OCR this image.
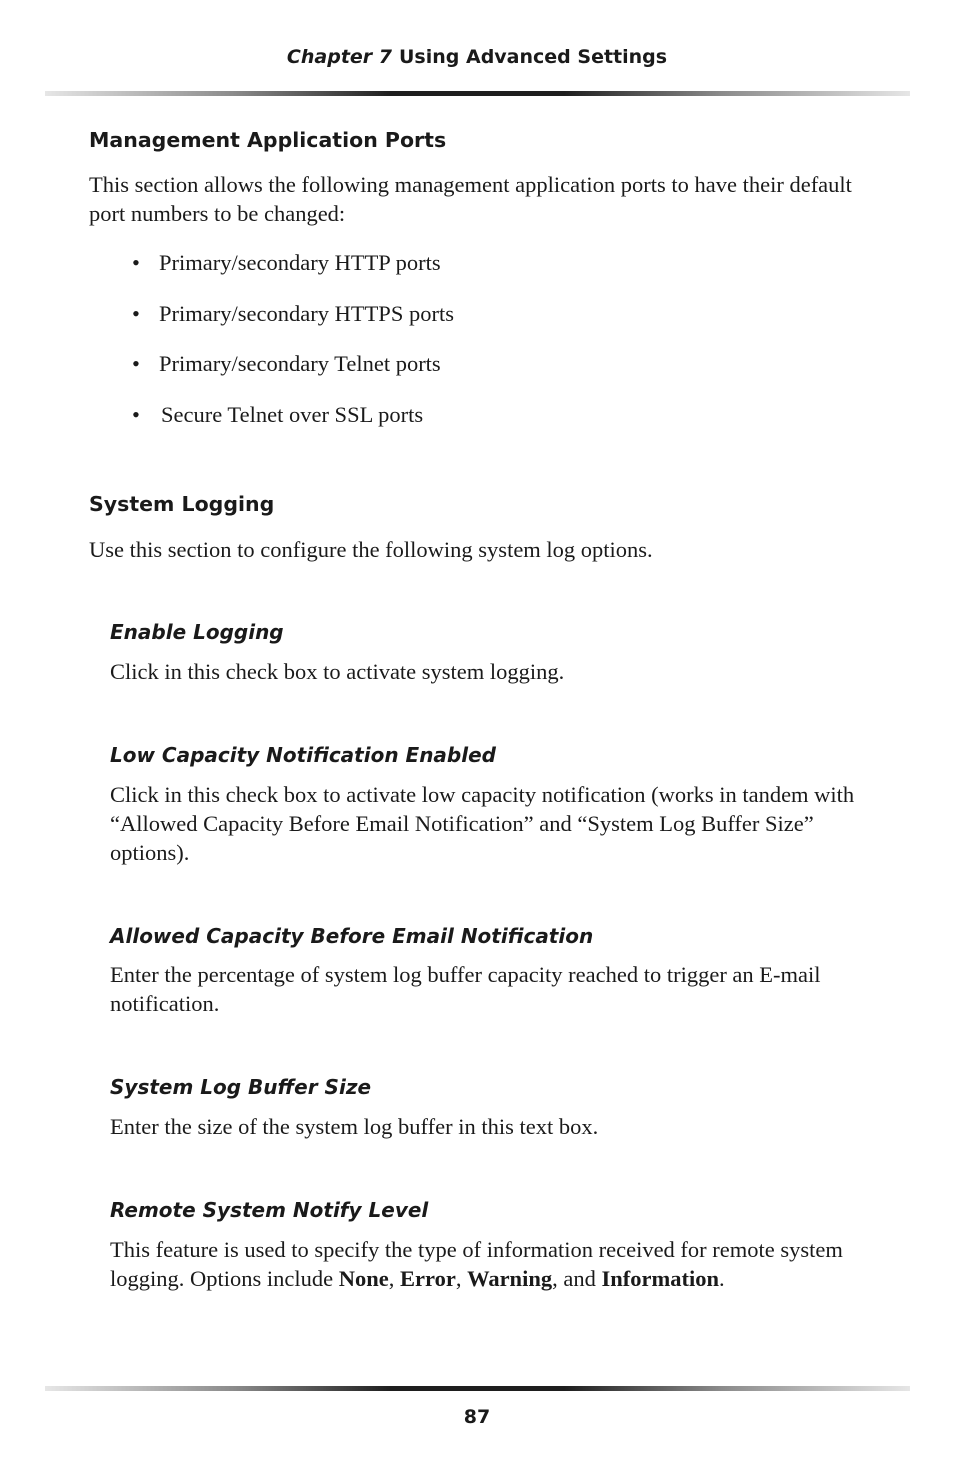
Chapter 7 Using Advanced Settings
Management Application Ports
This section allows the following management application ports to have their default port numbers to be changed:
• Primary/secondary HTTP ports
• Primary/secondary HTTPS ports
• Primary/secondary Telnet ports
• Secure Telnet over SSL ports
System Logging
Use this section to configure the following system log options.
Enable Logging
Click in this check box to activate system logging.
Low Capacity Notification Enabled
Click in this check box to activate low capacity notification (works in tandem with “Allowed Capacity Before Email Notification” and “System Log Buffer Size” options).
Allowed Capacity Before Email Notification
Enter the percentage of system log buffer capacity reached to trigger an E-mail notification.
System Log Buffer Size
Enter the size of the system log buffer in this text box.
Remote System Notify Level
This feature is used to specify the type of information received for remote system logging. Options include None, Error, Warning, and Information.
87
